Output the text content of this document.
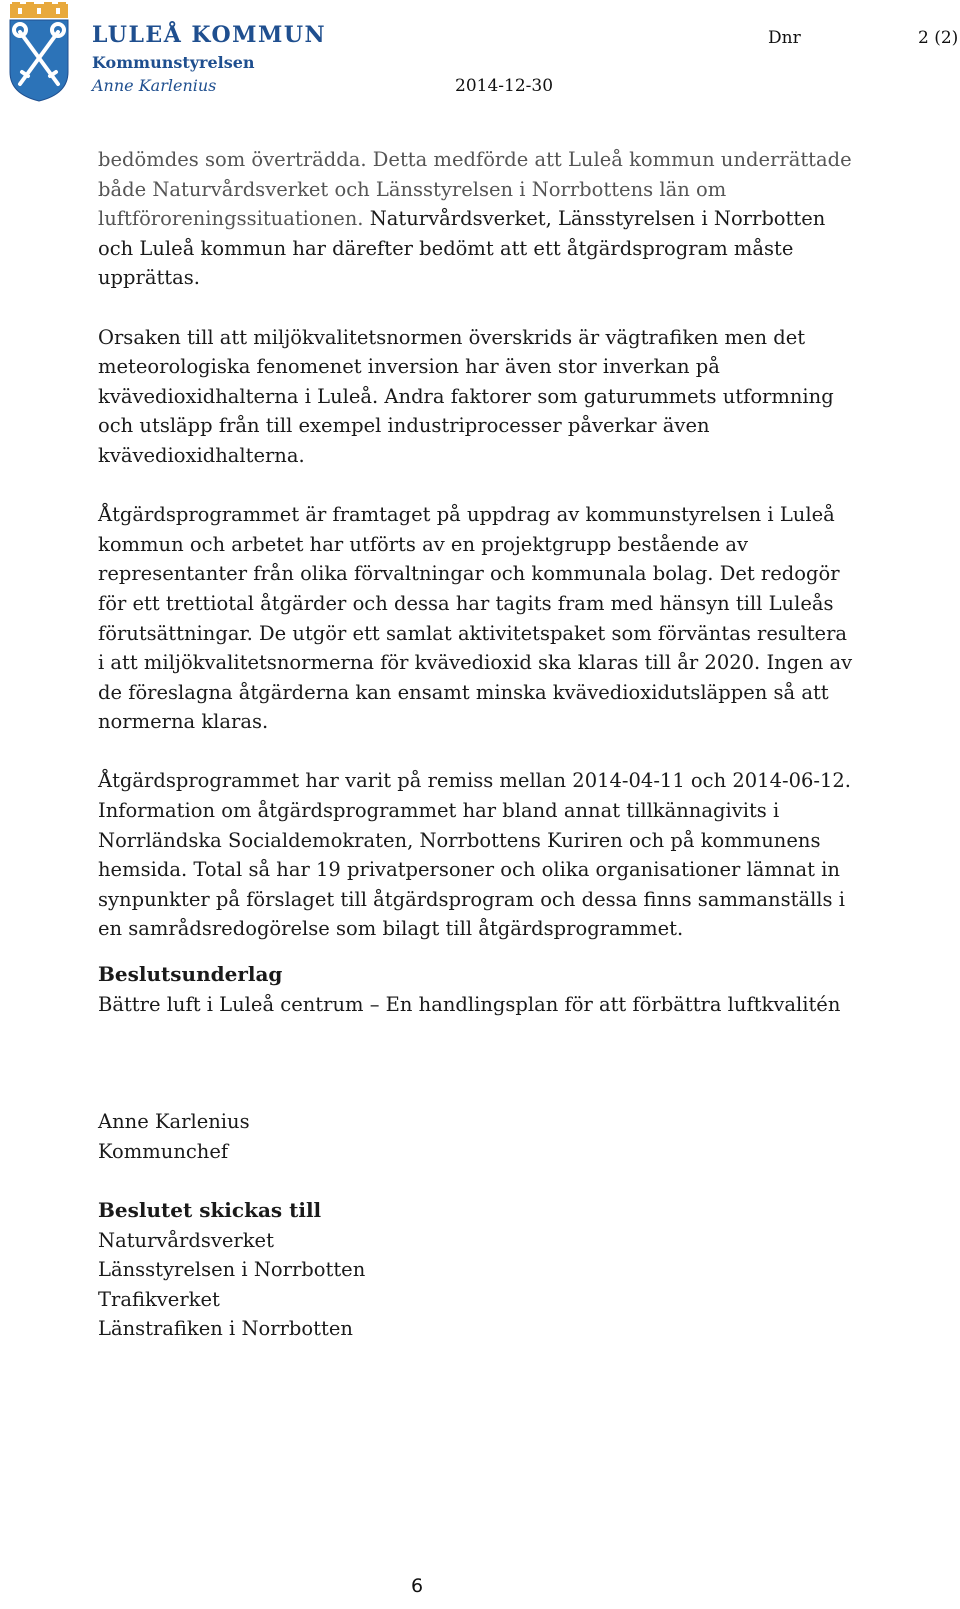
LULEÅ KOMMUN
Kommunstyrelsen
Anne Karlenius	2014-12-30
Dnr	2 (2)

bedömdes som överträdda. Detta medförde att Luleå kommun underrättade både Naturvårdsverket och Länsstyrelsen i Norrbottens län om luftföroreningssituationen. Naturvårdsverket, Länsstyrelsen i Norrbotten och Luleå kommun har därefter bedömt att ett åtgärdsprogram måste upprättas.

Orsaken till att miljökvalitetsnormen överskrids är vägtrafiken men det meteorologiska fenomenet inversion har även stor inverkan på kvävedioxidhalterna i Luleå. Andra faktorer som gaturummets utformning och utsläpp från till exempel industriprocesser påverkar även kvävedioxidhalterna.

Åtgärdsprogrammet är framtaget på uppdrag av kommunstyrelsen i Luleå kommun och arbetet har utförts av en projektgrupp bestående av representanter från olika förvaltningar och kommunala bolag. Det redogör för ett trettiotal åtgärder och dessa har tagits fram med hänsyn till Luleås förutsättningar. De utgör ett samlat aktivitetspaket som förväntas resultera i att miljökvalitetsnormerna för kvävedioxid ska klaras till år 2020. Ingen av de föreslagna åtgärderna kan ensamt minska kvävedioxidutsläppen så att normerna klaras.

Åtgärdsprogrammet har varit på remiss mellan 2014-04-11 och 2014-06-12. Information om åtgärdsprogrammet har bland annat tillkännagivits i Norrländska Socialdemokraten, Norrbottens Kuriren och på kommunens hemsida. Total så har 19 privatpersoner och olika organisationer lämnat in synpunkter på förslaget till åtgärdsprogram och dessa finns sammanställs i en samrådsredogörelse som bilagt till åtgärdsprogrammet.

Beslutsunderlag
Bättre luft i Luleå centrum – En handlingsplan för att förbättra luftkvalitén
Anne Karlenius
Kommunchef
Beslutet skickas till
Naturvårdsverket
Länsstyrelsen i Norrbotten
Trafikverket
Länstrafiken i Norrbotten
6
